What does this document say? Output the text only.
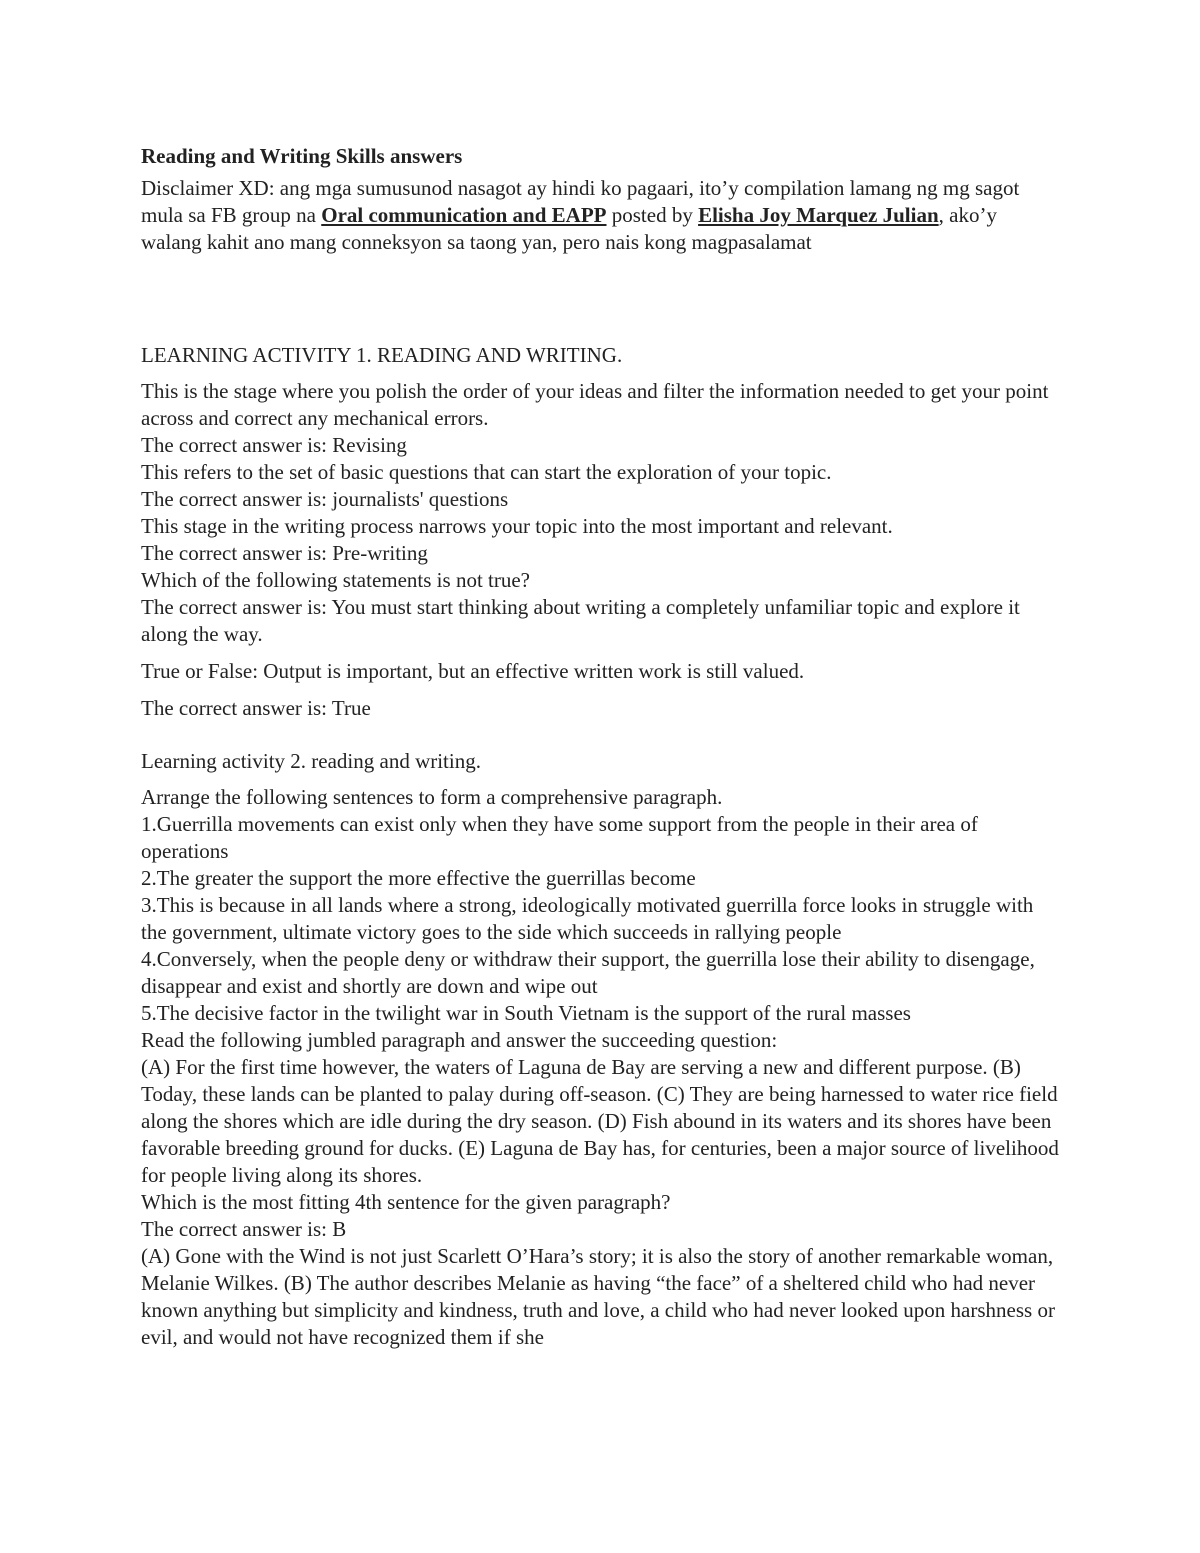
Reading and Writing Skills answers

Disclaimer XD: ang mga sumusunod nasagot ay hindi ko pagaari, ito’y compilation lamang ng mg sagot mula sa FB group na Oral communication and EAPP posted by Elisha Joy Marquez Julian, ako’y walang kahit ano mang conneksyon sa taong yan, pero nais kong magpasalamat

LEARNING ACTIVITY 1. READING AND WRITING.

This is the stage where you polish the order of your ideas and filter the information needed to get your point across and correct any mechanical errors.

The correct answer is: Revising

This refers to the set of basic questions that can start the exploration of your topic.

The correct answer is: journalists' questions

This stage in the writing process narrows your topic into the most important and relevant.

The correct answer is: Pre-writing

Which of the following statements is not true?

The correct answer is: You must start thinking about writing a completely unfamiliar topic and explore it along the way.

True or False: Output is important, but an effective written work is still valued.

The correct answer is: True

Learning activity 2. reading and writing.

Arrange the following sentences to form a comprehensive paragraph.

1.Guerrilla movements can exist only when they have some support from the people in their area of operations

2.The greater the support the more effective the guerrillas become

3.This is because in all lands where a strong, ideologically motivated guerrilla force looks in struggle with the government, ultimate victory goes to the side which succeeds in rallying people

4.Conversely, when the people deny or withdraw their support, the guerrilla lose their ability to disengage, disappear and exist and shortly are down and wipe out

5.The decisive factor in the twilight war in South Vietnam is the support of the rural masses

Read the following jumbled paragraph and answer the succeeding question:

(A) For the first time however, the waters of Laguna de Bay are serving a new and different purpose. (B) Today, these lands can be planted to palay during off-season. (C) They are being harnessed to water rice field along the shores which are idle during the dry season. (D) Fish abound in its waters and its shores have been favorable breeding ground for ducks. (E) Laguna de Bay has, for centuries, been a major source of livelihood for people living along its shores.

Which is the most fitting 4th sentence for the given paragraph?

The correct answer is: B

(A) Gone with the Wind is not just Scarlett O’Hara’s story; it is also the story of another remarkable woman, Melanie Wilkes. (B) The author describes Melanie as having “the face” of a sheltered child who had never known anything but simplicity and kindness, truth and love, a child who had never looked upon harshness or evil, and would not have recognized them if she
